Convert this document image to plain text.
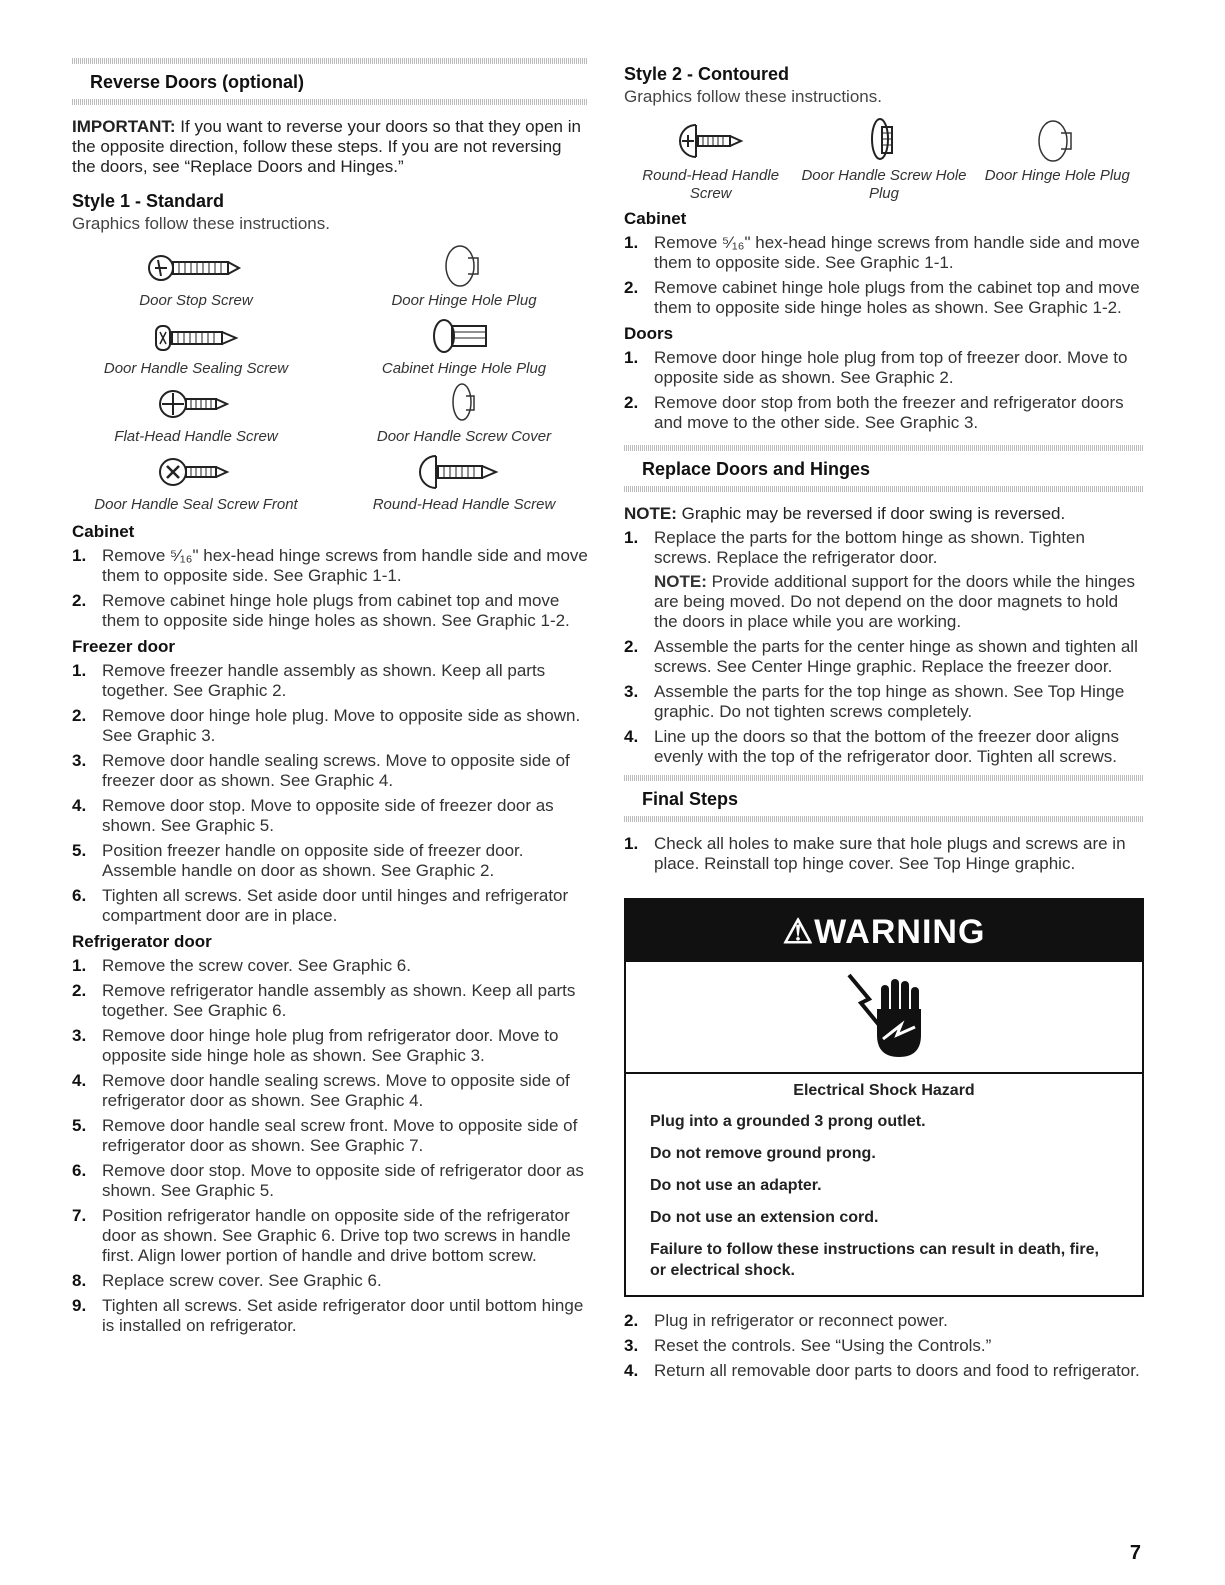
Reverse Doors (optional)

IMPORTANT: If you want to reverse your doors so that they open in the opposite direction, follow these steps. If you are not reversing the doors, see “Replace Doors and Hinges.”

Style 1 - Standard
Graphics follow these instructions.
Door Stop Screw	Door Hinge Hole Plug
Door Handle Sealing Screw	Cabinet Hinge Hole Plug
Flat-Head Handle Screw	Door Handle Screw Cover
Door Handle Seal Screw Front	Round-Head Handle Screw
Cabinet
1. Remove ⁵⁄₁₆" hex-head hinge screws from handle side and move them to opposite side. See Graphic 1-1.
2. Remove cabinet hinge hole plugs from cabinet top and move them to opposite side hinge holes as shown. See Graphic 1-2.
Freezer door
1. Remove freezer handle assembly as shown. Keep all parts together. See Graphic 2.
2. Remove door hinge hole plug. Move to opposite side as shown. See Graphic 3.
3. Remove door handle sealing screws. Move to opposite side of freezer door as shown. See Graphic 4.
4. Remove door stop. Move to opposite side of freezer door as shown. See Graphic 5.
5. Position freezer handle on opposite side of freezer door. Assemble handle on door as shown. See Graphic 2.
6. Tighten all screws. Set aside door until hinges and refrigerator compartment door are in place.
Refrigerator door
1. Remove the screw cover. See Graphic 6.
2. Remove refrigerator handle assembly as shown. Keep all parts together. See Graphic 6.
3. Remove door hinge hole plug from refrigerator door. Move to opposite side hinge hole as shown. See Graphic 3.
4. Remove door handle sealing screws. Move to opposite side of refrigerator door as shown. See Graphic 4.
5. Remove door handle seal screw front. Move to opposite side of refrigerator door as shown. See Graphic 7.
6. Remove door stop. Move to opposite side of refrigerator door as shown. See Graphic 5.
7. Position refrigerator handle on opposite side of the refrigerator door as shown. See Graphic 6. Drive top two screws in handle first. Align lower portion of handle and drive bottom screw.
8. Replace screw cover. See Graphic 6.
9. Tighten all screws. Set aside refrigerator door until bottom hinge is installed on refrigerator.
Style 2 - Contoured
Graphics follow these instructions.
Round-Head Handle Screw
Door Handle Screw Hole Plug
Door Hinge Hole Plug
Cabinet
1. Remove ⁵⁄₁₆" hex-head hinge screws from handle side and move them to opposite side. See Graphic 1-1.
2. Remove cabinet hinge hole plugs from the cabinet top and move them to opposite side hinge holes as shown. See Graphic 1-2.
Doors
1. Remove door hinge hole plug from top of freezer door. Move to opposite side as shown. See Graphic 2.
2. Remove door stop from both the freezer and refrigerator doors and move to the other side. See Graphic 3.
Replace Doors and Hinges

NOTE: Graphic may be reversed if door swing is reversed.

1. Replace the parts for the bottom hinge as shown. Tighten screws. Replace the refrigerator door.

NOTE: Provide additional support for the doors while the hinges are being moved. Do not depend on the door magnets to hold the doors in place while you are working.

2. Assemble the parts for the center hinge as shown and tighten all screws. See Center Hinge graphic. Replace the freezer door.
3. Assemble the parts for the top hinge as shown. See Top Hinge graphic. Do not tighten screws completely.
4. Line up the doors so that the bottom of the freezer door aligns evenly with the top of the refrigerator door. Tighten all screws.
Final Steps
1. Check all holes to make sure that hole plugs and screws are in place. Reinstall top hinge cover. See Top Hinge graphic.
⚠WARNING

Electrical Shock Hazard

Plug into a grounded 3 prong outlet.

Do not remove ground prong.

Do not use an adapter.

Do not use an extension cord.

Failure to follow these instructions can result in death, fire, or electrical shock.

2. Plug in refrigerator or reconnect power.
3. Reset the controls. See “Using the Controls.”
4. Return all removable door parts to doors and food to refrigerator.
7
